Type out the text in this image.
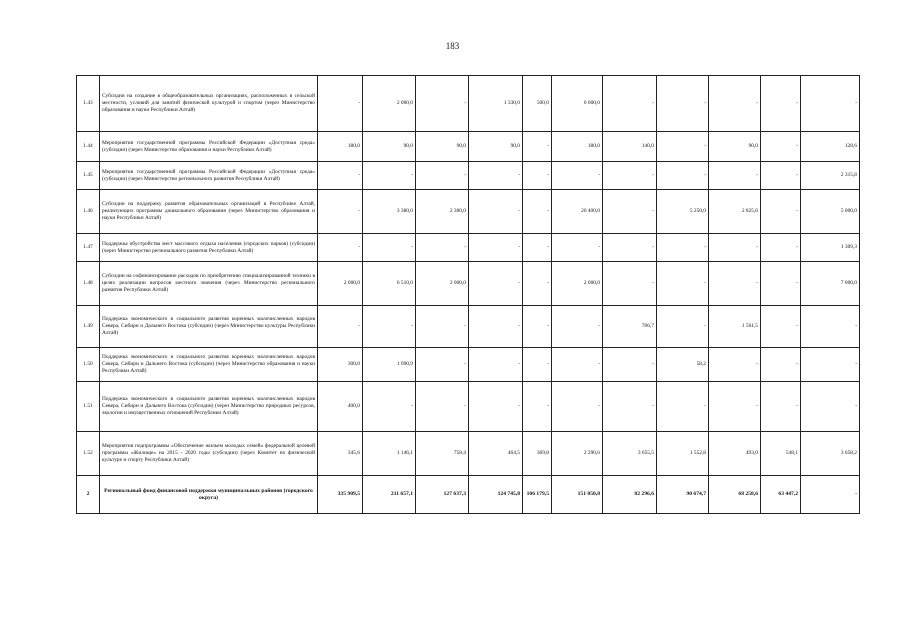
183
1.43	Субсидии на создание в общеобразовательных организациях, расположенных в сельской местности, условий для занятий физической культурой и спортом (через Министерство образования и науки Республики Алтай)	-	2 000,0	-	1 330,0	500,0	6 000,0	-	-	-	-	-
1.44	Мероприятия государственной программы Российской Федерации «Доступная среда» (субсидии) (через Министерство образования и науки Республики Алтай)	180,0	90,0	90,0	90,0	-	180,0	140,0	-	90,0	-	128,6
1.45	Мероприятия государственной программы Российской Федерации «Доступная среда» (субсидии) (через Министерство регионального развития Республики Алтай)	-	-	-	-	-	-	-	-	-	-	2 315,8
1.46	Субсидии на поддержку развития образовательных организаций в Республике Алтай, реализующих программы дошкольного образования (через Министерство образования и науки Республики Алтай)	-	3 380,0	2 300,0	-	-	20 400,0	-	5 250,0	2 825,6	-	5 000,0
1.47	Поддержка обустройства мест массового отдыха населения (городских парков) (субсидии) (через Министерство регионального развития Республики Алтай)	-	-	-	-	-	-	-	-	-	-	1 309,3
1.48	Субсидии на софинансирование расходов по приобретению специализированной техники в целях реализации вопросов местного значения (через Министерство регионального развития Республики Алтай)	2 000,0	6 510,0	2 000,0	-	-	2 000,0	-	-	-	-	7 000,0
1.49	Поддержка экономического и социального развития коренных малочисленных народов Севера, Сибири и Дальнего Востока (субсидии) (через Министерство культуры Республики Алтай)	-	-	-	-	-	-	706,7	-	1 561,5	-	-
1.50	Поддержка экономического и социального развития коренных малочисленных народов Севера, Сибири и Дальнего Востока (субсидии) (через Министерство образования и науки Республики Алтай)	300,0	1 090,9	-	-	-	-	-	58,2	-	-	-
1.51	Поддержка экономического и социального развития коренных малочисленных народов Севера, Сибири и Дальнего Востока (субсидии) (через Министерство природных ресурсов, экологии и имущественных отношений Республики Алтай)	400,0	-	-	-	-	-	-	-	-	-	-
1.52	Мероприятия подпрограммы «Обеспечение жильем молодых семей» федеральной целевой программы «Жилище» на 2015 - 2020 годы (субсидии) (через Комитет по физической культуре и спорту Республики Алтай)	345,6	1 146,1	758,4	464,5	369,8	2 290,6	3 655,5	1 552,8	493,0	548,1	3 658,2
2	Региональный фонд финансовой поддержки муниципальных районов (городского округа)	335 909,5	211 657,1	127 637,3	124 745,8	106 179,5	151 050,8	82 296,6	90 674,7	68 258,6	63 447,2	-
